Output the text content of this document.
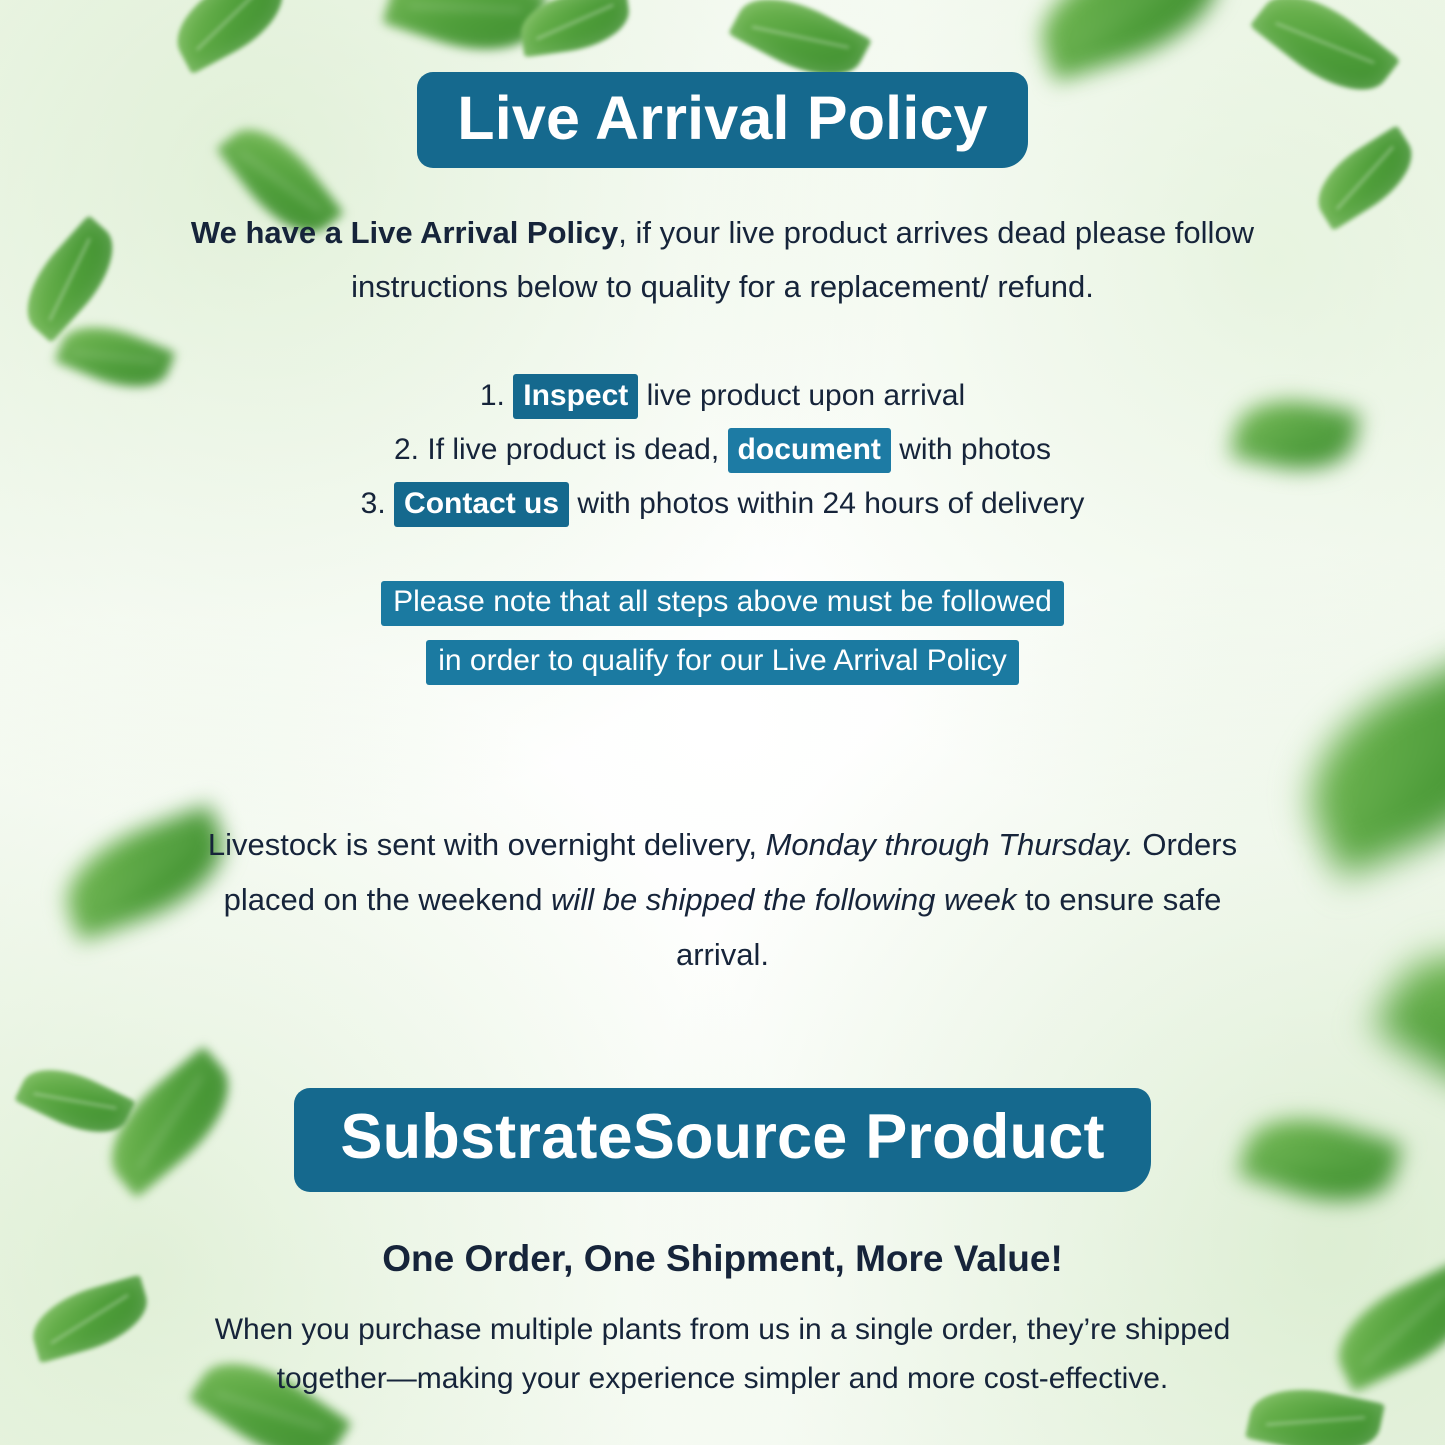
Live Arrival Policy
We have a Live Arrival Policy, if your live product arrives dead please follow instructions below to quality for a replacement/ refund.
1. Inspect live product upon arrival
2. If live product is dead, document with photos
3. Contact us with photos within 24 hours of delivery
Please note that all steps above must be followed
in order to qualify for our Live Arrival Policy
Livestock is sent with overnight delivery, Monday through Thursday. Orders placed on the weekend will be shipped the following week to ensure safe arrival.
SubstrateSource Product
One Order, One Shipment, More Value!
When you purchase multiple plants from us in a single order, they’re shipped together—making your experience simpler and more cost-effective.
